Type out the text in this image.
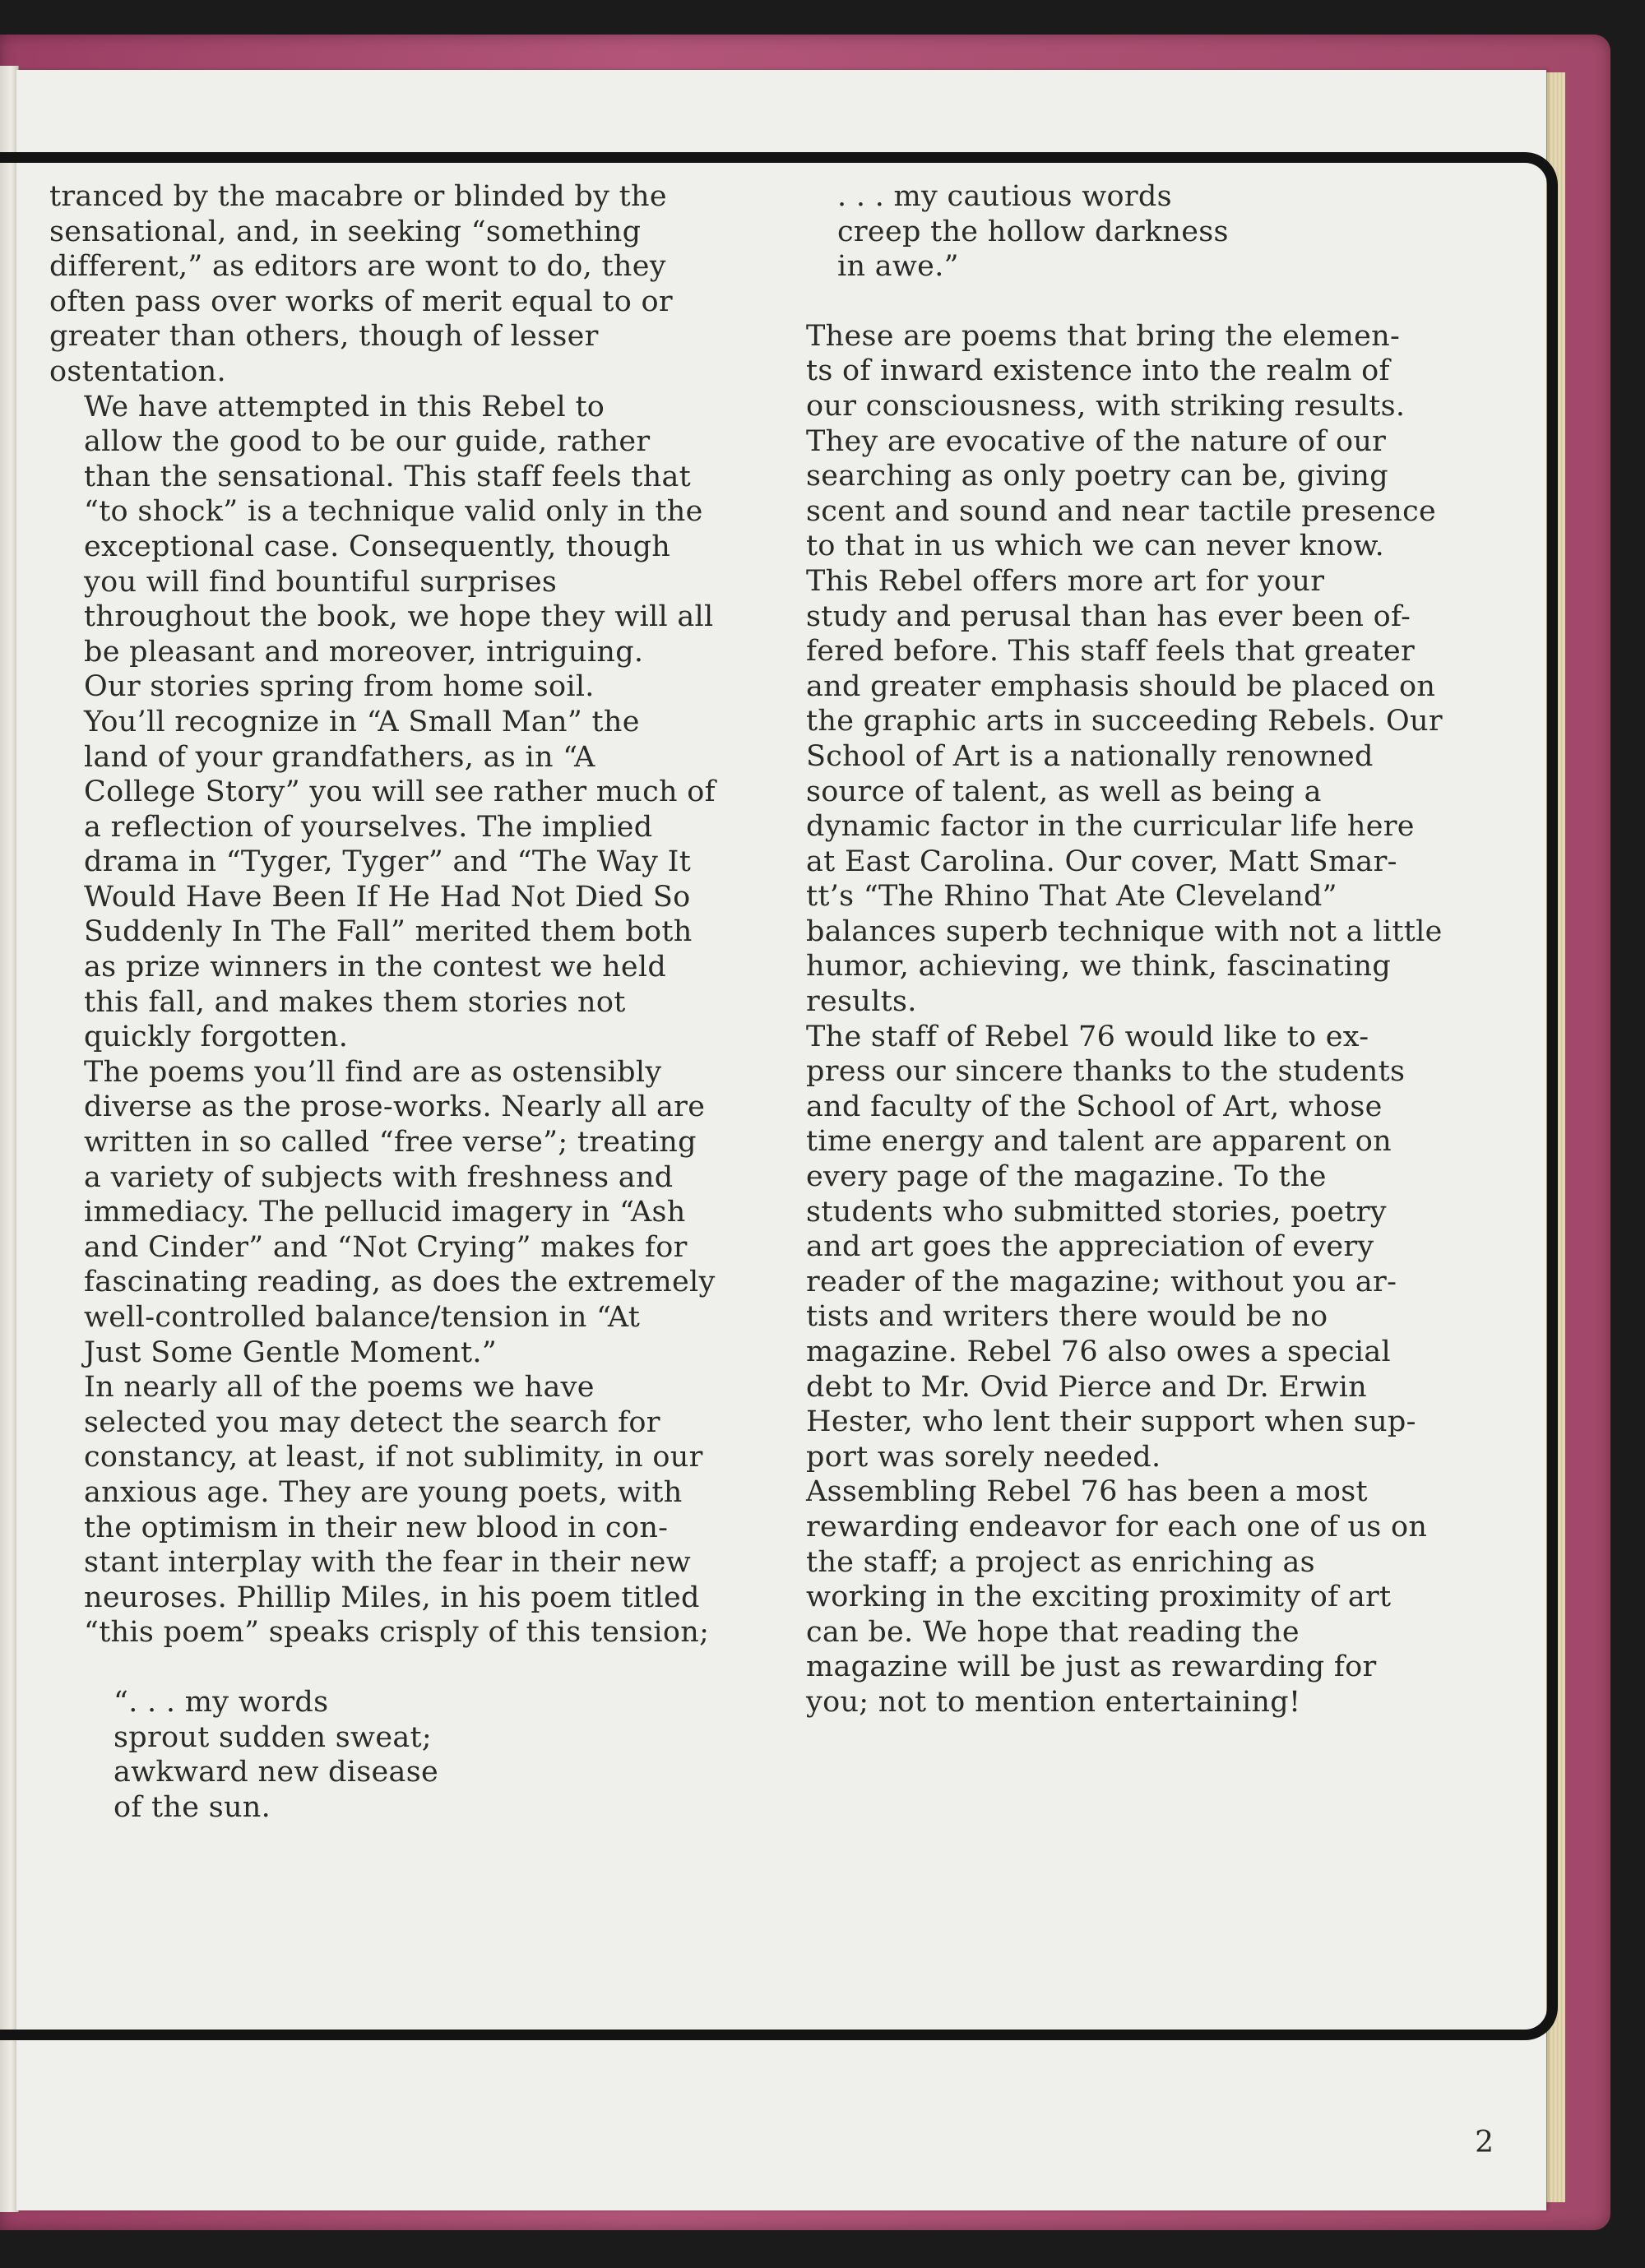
2

tranced by the macabre or blinded by the
sensational, and, in seeking “something
different,” as editors are wont to do, they
often pass over works of merit equal to or
greater than others, though of lesser
ostentation.

We have attempted in this Rebel to
allow the good to be our guide, rather
than the sensational. This staff feels that
“to shock” is a technique valid only in the
exceptional case. Consequently, though
you will find bountiful surprises
throughout the book, we hope they will all
be pleasant and moreover, intriguing.

Our stories spring from home soil.
You’ll recognize in “A Small Man” the
land of your grandfathers, as in “A
College Story” you will see rather much of
a reflection of yourselves. The implied
drama in “Tyger, Tyger” and “The Way It
Would Have Been If He Had Not Died So
Suddenly In The Fall” merited them both
as prize winners in the contest we held
this fall, and makes them stories not
quickly forgotten.

The poems you’ll find are as ostensibly
diverse as the prose-works. Nearly all are
written in so called “free verse”; treating
a variety of subjects with freshness and
immediacy. The pellucid imagery in “Ash
and Cinder” and “Not Crying” makes for
fascinating reading, as does the extremely
well-controlled balance/tension in “At
Just Some Gentle Moment.”

In nearly all of the poems we have
selected you may detect the search for
constancy, at least, if not sublimity, in our
anxious age. They are young poets, with
the optimism in their new blood in con-
stant interplay with the fear in their new
neuroses. Phillip Miles, in his poem titled
“this poem” speaks crisply of this tension;

“. . . my words
sprout sudden sweat;
awkward new disease
of the sun.
. . . my cautious words
creep the hollow darkness
in awe.”

These are poems that bring the elemen-
ts of inward existence into the realm of
our consciousness, with striking results.
They are evocative of the nature of our
searching as only poetry can be, giving
scent and sound and near tactile presence
to that in us which we can never know.

This Rebel offers more art for your
study and perusal than has ever been of-
fered before. This staff feels that greater
and greater emphasis should be placed on
the graphic arts in succeeding Rebels. Our
School of Art is a nationally renowned
source of talent, as well as being a
dynamic factor in the curricular life here
at East Carolina. Our cover, Matt Smar-
tt’s “The Rhino That Ate Cleveland”
balances superb technique with not a little
humor, achieving, we think, fascinating
results.

The staff of Rebel 76 would like to ex-
press our sincere thanks to the students
and faculty of the School of Art, whose
time energy and talent are apparent on
every page of the magazine. To the
students who submitted stories, poetry
and art goes the appreciation of every
reader of the magazine; without you ar-
tists and writers there would be no
magazine. Rebel 76 also owes a special
debt to Mr. Ovid Pierce and Dr. Erwin
Hester, who lent their support when sup-
port was sorely needed.

Assembling Rebel 76 has been a most
rewarding endeavor for each one of us on
the staff; a project as enriching as
working in the exciting proximity of art
can be. We hope that reading the
magazine will be just as rewarding for
you; not to mention entertaining!
